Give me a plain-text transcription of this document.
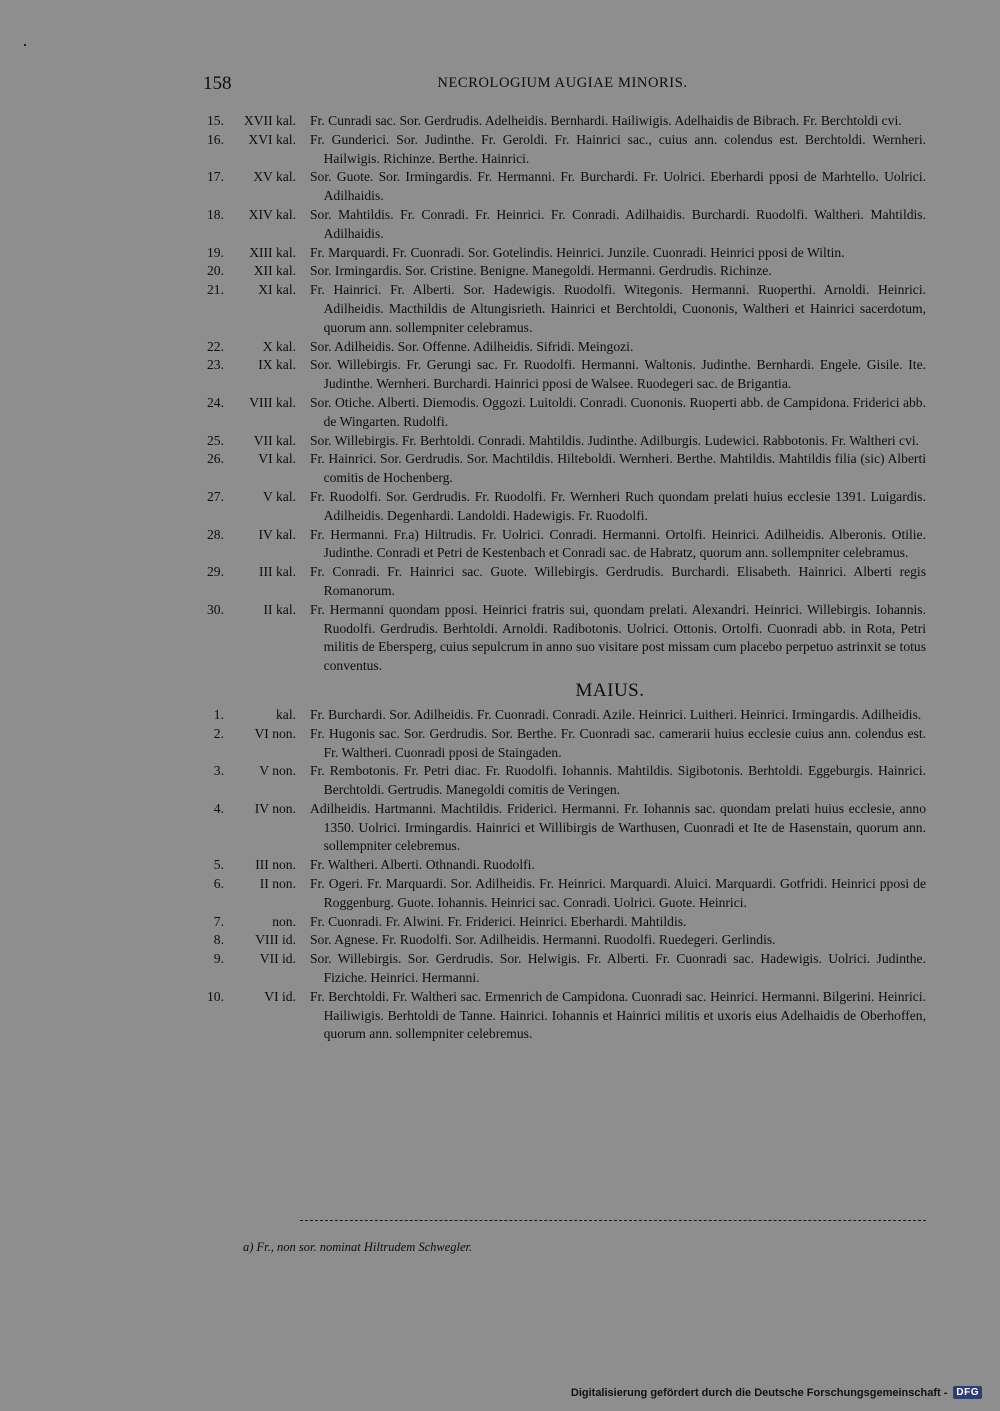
158	NECROLOGIUM AUGIAE MINORIS.
15.	XVII kal.	Fr. Cunradi sac. Sor. Gerdrudis. Adelheidis. Bernhardi. Hailiwigis. Adelhaidis de Bibrach. Fr. Berchtoldi cvi.
16.	XVI kal.	Fr. Gunderici. Sor. Judinthe. Fr. Geroldi. Fr. Hainrici sac., cuius ann. colendus est. Berchtoldi. Wernheri. Hailwigis. Richinze. Berthe. Hainrici.
17.	XV kal.	Sor. Guote. Sor. Irmingardis. Fr. Hermanni. Fr. Burchardi. Fr. Uolrici. Eberhardi pposi de Marhtello. Uolrici. Adilhaidis.
18.	XIV kal.	Sor. Mahtildis. Fr. Conradi. Fr. Heinrici. Fr. Conradi. Adilhaidis. Burchardi. Ruodolfi. Waltheri. Mahtildis. Adilhaidis.
19.	XIII kal.	Fr. Marquardi. Fr. Cuonradi. Sor. Gotelindis. Heinrici. Junzile. Cuonradi. Heinrici pposi de Wiltin.
20.	XII kal.	Sor. Irmingardis. Sor. Cristine. Benigne. Manegoldi. Hermanni. Gerdrudis. Richinze.
21.	XI kal.	Fr. Hainrici. Fr. Alberti. Sor. Hadewigis. Ruodolfi. Witegonis. Hermanni. Ruoperthi. Arnoldi. Heinrici. Adilheidis. Macthildis de Altungisrieth. Hainrici et Berchtoldi, Cuononis, Waltheri et Hainrici sacerdotum, quorum ann. sollempniter celebramus.
22.	X kal.	Sor. Adilheidis. Sor. Offenne. Adilheidis. Sifridi. Meingozi.
23.	IX kal.	Sor. Willebirgis. Fr. Gerungi sac. Fr. Ruodolfi. Hermanni. Waltonis. Judinthe. Bernhardi. Engele. Gisile. Ite. Judinthe. Wernheri. Burchardi. Hainrici pposi de Walsee. Ruodegeri sac. de Brigantia.
24.	VIII kal.	Sor. Otiche. Alberti. Diemodis. Oggozi. Luitoldi. Conradi. Cuononis. Ruoperti abb. de Campidona. Friderici abb. de Wingarten. Rudolfi.
25.	VII kal.	Sor. Willebirgis. Fr. Berhtoldi. Conradi. Mahtildis. Judinthe. Adilburgis. Ludewici. Rabbotonis. Fr. Waltheri cvi.
26.	VI kal.	Fr. Hainrici. Sor. Gerdrudis. Sor. Machtildis. Hilteboldi. Wernheri. Berthe. Mahtildis. Mahtildis filia (sic) Alberti comitis de Hochenberg.
27.	V kal.	Fr. Ruodolfi. Sor. Gerdrudis. Fr. Ruodolfi. Fr. Wernheri Ruch quondam prelati huius ecclesie 1391. Luigardis. Adilheidis. Degenhardi. Landoldi. Hadewigis. Fr. Ruodolfi.
28.	IV kal.	Fr. Hermanni. Fr.a) Hiltrudis. Fr. Uolrici. Conradi. Hermanni. Ortolfi. Heinrici. Adilheidis. Alberonis. Otilie. Judinthe. Conradi et Petri de Kestenbach et Conradi sac. de Habratz, quorum ann. sollempniter celebramus.
29.	III kal.	Fr. Conradi. Fr. Hainrici sac. Guote. Willebirgis. Gerdrudis. Burchardi. Elisabeth. Hainrici. Alberti regis Romanorum.
30.	II kal.	Fr. Hermanni quondam pposi. Heinrici fratris sui, quondam prelati. Alexandri. Heinrici. Willebirgis. Iohannis. Ruodolfi. Gerdrudis. Berhtoldi. Arnoldi. Radibotonis. Uolrici. Ottonis. Ortolfi. Cuonradi abb. in Rota, Petri militis de Ebersperg, cuius sepulcrum in anno suo visitare post missam cum placebo perpetuo astrinxit se totus conventus.
MAIUS.
1.	kal.	Fr. Burchardi. Sor. Adilheidis. Fr. Cuonradi. Conradi. Azile. Heinrici. Luitheri. Heinrici. Irmingardis. Adilheidis.
2.	VI non.	Fr. Hugonis sac. Sor. Gerdrudis. Sor. Berthe. Fr. Cuonradi sac. camerarii huius ecclesie cuius ann. colendus est. Fr. Waltheri. Cuonradi pposi de Staingaden.
3.	V non.	Fr. Rembotonis. Fr. Petri diac. Fr. Ruodolfi. Iohannis. Mahtildis. Sigibotonis. Berhtoldi. Eggeburgis. Hainrici. Berchtoldi. Gertrudis. Manegoldi comitis de Veringen.
4.	IV non.	Adilheidis. Hartmanni. Machtildis. Friderici. Hermanni. Fr. Iohannis sac. quondam prelati huius ecclesie, anno 1350. Uolrici. Irmingardis. Hainrici et Willibirgis de Warthusen, Cuonradi et Ite de Hasenstain, quorum ann. sollempniter celebremus.
5.	III non.	Fr. Waltheri. Alberti. Othnandi. Ruodolfi.
6.	II non.	Fr. Ogeri. Fr. Marquardi. Sor. Adilheidis. Fr. Heinrici. Marquardi. Aluici. Marquardi. Gotfridi. Heinrici pposi de Roggenburg. Guote. Iohannis. Heinrici sac. Conradi. Uolrici. Guote. Heinrici.
7.	non.	Fr. Cuonradi. Fr. Alwini. Fr. Friderici. Heinrici. Eberhardi. Mahtildis.
8.	VIII id.	Sor. Agnese. Fr. Ruodolfi. Sor. Adilheidis. Hermanni. Ruodolfi. Ruedegeri. Gerlindis.
9.	VII id.	Sor. Willebirgis. Sor. Gerdrudis. Sor. Helwigis. Fr. Alberti. Fr. Cuonradi sac. Hadewigis. Uolrici. Judinthe. Fiziche. Heinrici. Hermanni.
10.	VI id.	Fr. Berchtoldi. Fr. Waltheri sac. Ermenrich de Campidona. Cuonradi sac. Heinrici. Hermanni. Bilgerini. Heinrici. Hailiwigis. Berhtoldi de Tanne. Hainrici. Iohannis et Hainrici militis et uxoris eius Adelhaidis de Oberhoffen, quorum ann. sollempniter celebremus.
a) Fr., non sor. nominat Hiltrudem Schwegler.
Digitalisierung gefördert durch die Deutsche Forschungsgemeinschaft - DFG
